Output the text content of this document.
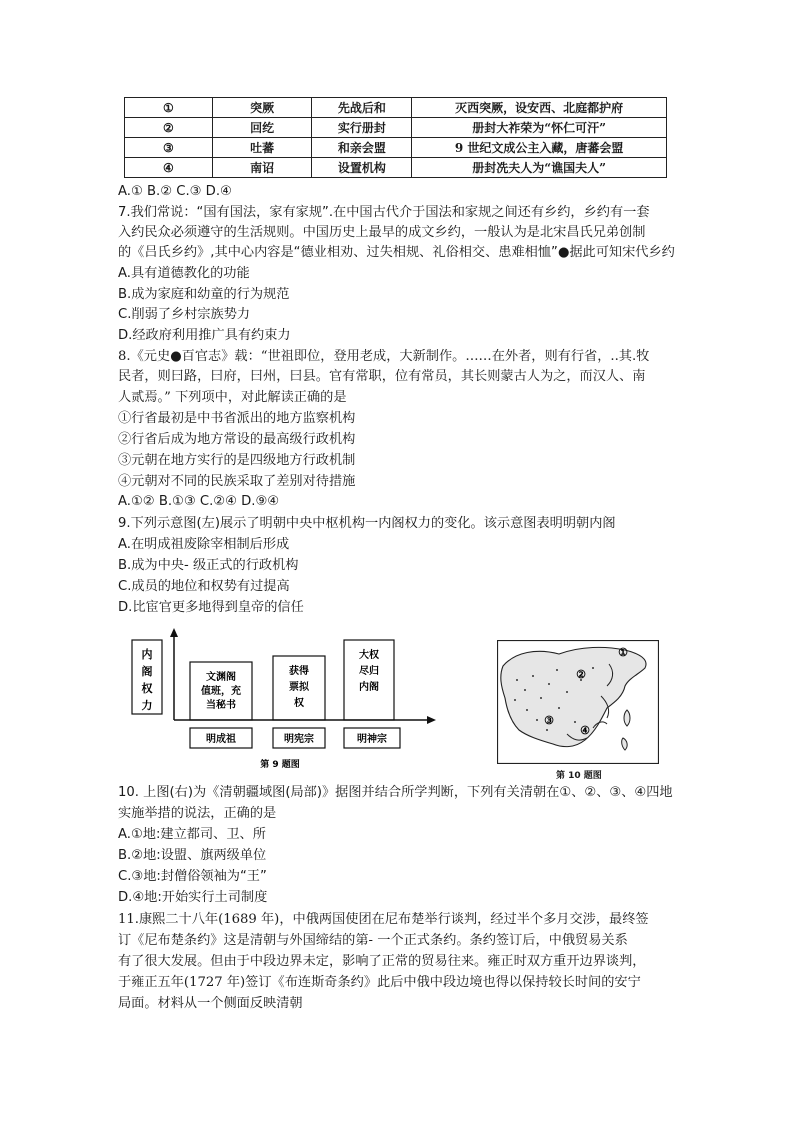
①	突厥	先战后和	灭西突厥，设安西、北庭都护府
②	回纥	实行册封	册封大祚荣为“怀仁可汗”
③	吐蕃	和亲会盟	9 世纪文成公主入藏，唐蕃会盟
④	南诏	设置机构	册封冼夫人为“谯国夫人”
A.① B.② C.③ D.④
7.我们常说：“国有国法，家有家规”.在中国古代介于国法和家规之间还有乡约，乡约有一套
入约民众必须遵守的生活规则。中国历史上最早的成文乡约，一般认为是北宋昌氏兄弟创制
的《吕氏乡约》,其中心内容是“德业相劝、过失相规、礼俗相交、患难相恤”●据此可知宋代乡约
A.具有道德教化的功能
B.成为家庭和幼童的行为规范
C.削弱了乡村宗族势力
D.经政府利用推广具有约束力
8.《元史●百官志》载：“世祖即位，登用老成，大新制作。……在外者，则有行省，..其.牧
民者，则曰路，曰府，曰州，曰县。官有常职，位有常员，其长则蒙古人为之，而汉人、南
人贰焉。” 下列项中，对此解读正确的是
①行省最初是中书省派出的地方监察机构
②行省后成为地方常设的最高级行政机构
③元朝在地方实行的是四级地方行政机制
④元朝对不同的民族采取了差别对待措施
A.①② B.①③ C.②④ D.⑨④
9.下列示意图(左)展示了明朝中央中枢机构一内阁权力的变化。该示意图表明明朝内阁
A.在明成祖废除宰相制后形成
B.成为中央- 级正式的行政机构
C.成员的地位和权势有过提高
D.比宦官更多地得到皇帝的信任
内
阁
权
力
文渊阁
值班，充
当秘书
获得
票拟
权
大权
尽归
内阁
明成祖	明宪宗	明神宗
第 9 题图
①
②
③
④
第 10 题图
10. 上图(右)为《清朝疆域图(局部)》据图并结合所学判断，下列有关清朝在①、②、③、④四地
实施举措的说法，正确的是
A.①地:建立都司、卫、所
B.②地:设盟、旗两级单位
C.③地:封僧俗领袖为“王”
D.④地:开始实行土司制度
11.康熙二十八年(1689 年)，中俄两国使团在尼布楚举行谈判，经过半个多月交涉，最终签
订《尼布楚条约》这是清朝与外国缔结的第- 一个正式条约。条约签订后，中俄贸易关系
有了很大发展。但由于中段边界未定，影响了正常的贸易往来。雍正时双方重开边界谈判，
于雍正五年(1727 年)签订《布连斯奇条约》此后中俄中段边境也得以保持较长时间的安宁
局面。材料从一个侧面反映清朝
